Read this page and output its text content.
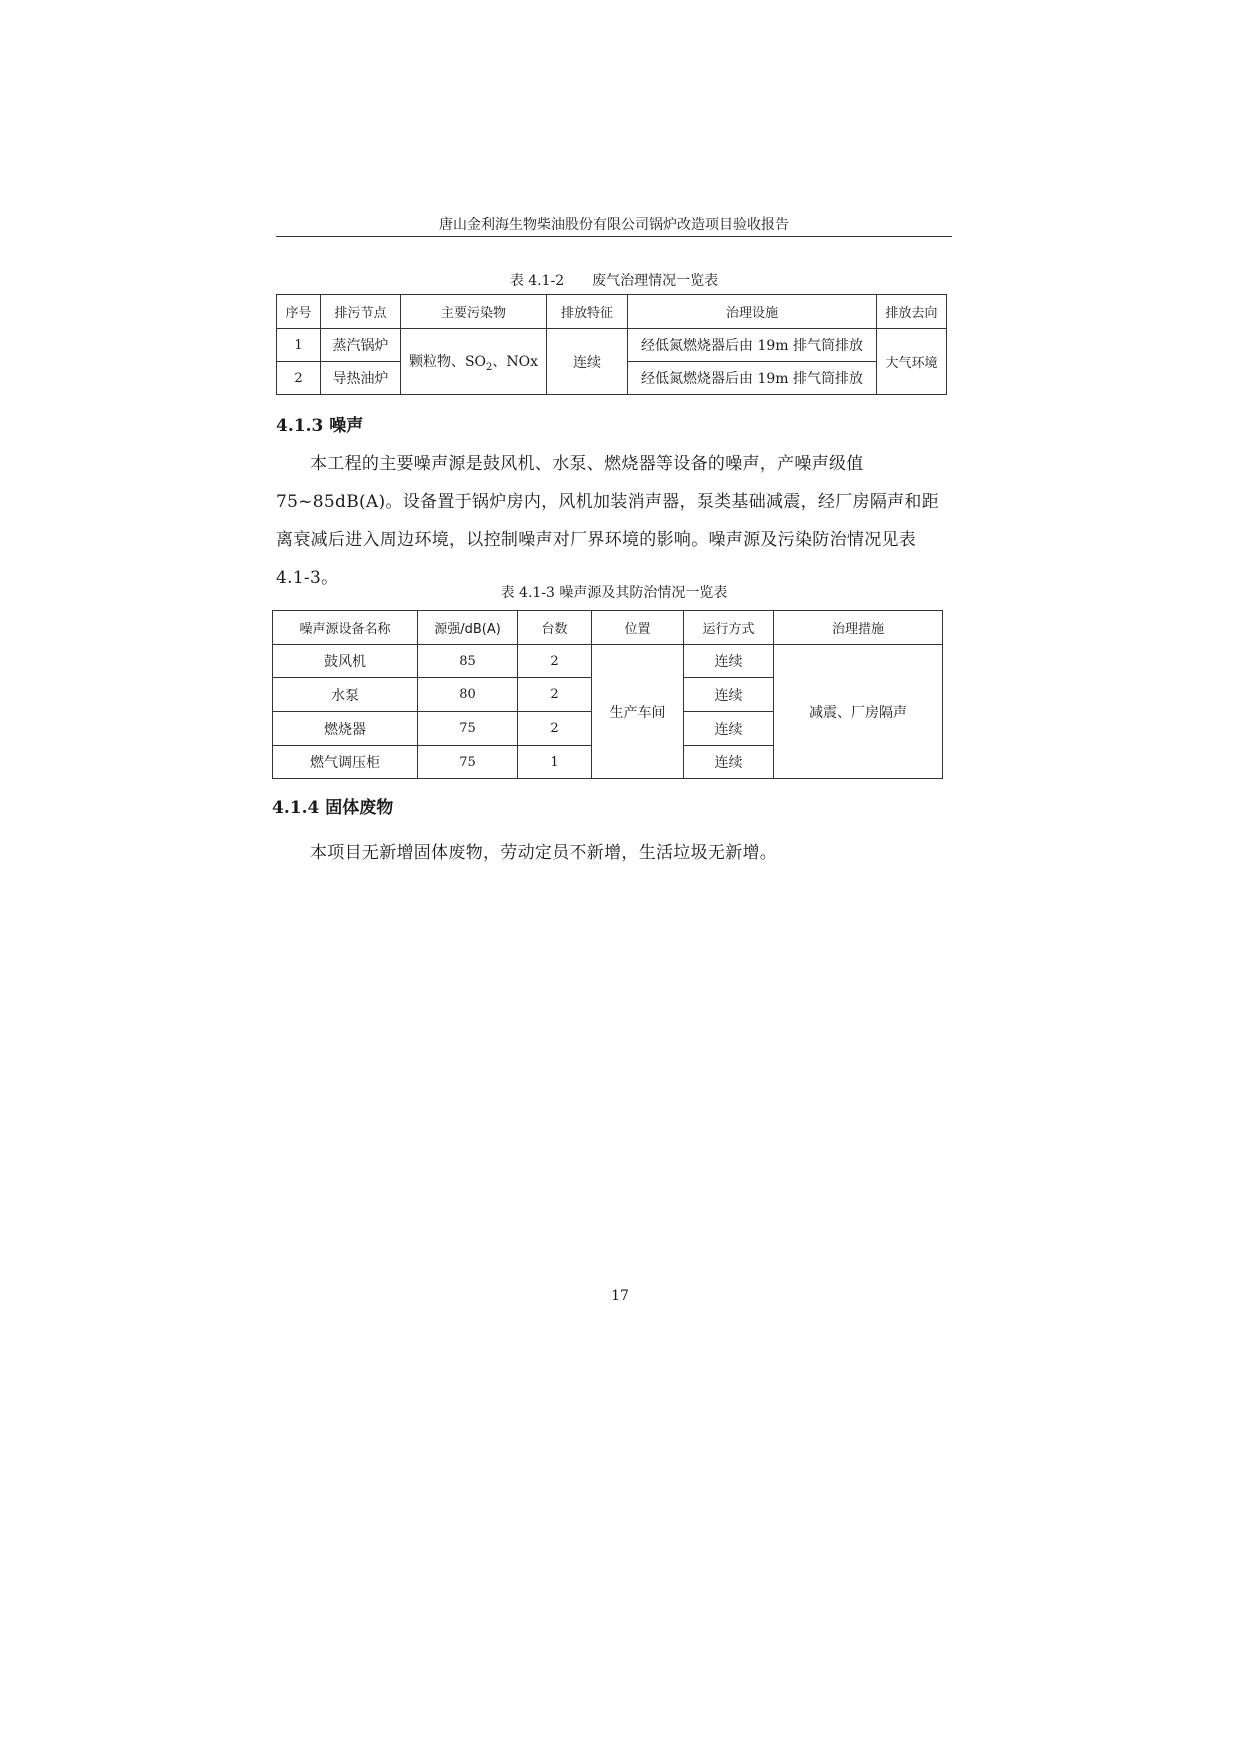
唐山金利海生物柴油股份有限公司锅炉改造项目验收报告
表 4.1-2　　废气治理情况一览表
序号	排污节点	主要污染物	排放特征	治理设施	排放去向
1	蒸汽锅炉	颗粒物、$SO_2$、NOx	连续	经低氮燃烧器后由 19m 排气筒排放	大气环境
2	导热油炉			经低氮燃烧器后由 19m 排气筒排放	
4.1.3 噪声
本工程的主要噪声源是鼓风机、水泵、燃烧器等设备的噪声，产噪声级值 75~85dB(A)。设备置于锅炉房内，风机加装消声器，泵类基础减震，经厂房隔声和距离衰减后进入周边环境，以控制噪声对厂界环境的影响。噪声源及污染防治情况见表 4.1-3。
表 4.1-3 噪声源及其防治情况一览表
噪声源设备名称	源强/dB(A)	台数	位置	运行方式	治理措施
鼓风机	85	2	生产车间	连续	减震、厂房隔声
水泵	80	2		连续	
燃烧器	75	2		连续	
燃气调压柜	75	1		连续	
4.1.4 固体废物
本项目无新增固体废物，劳动定员不新增，生活垃圾无新增。
17
